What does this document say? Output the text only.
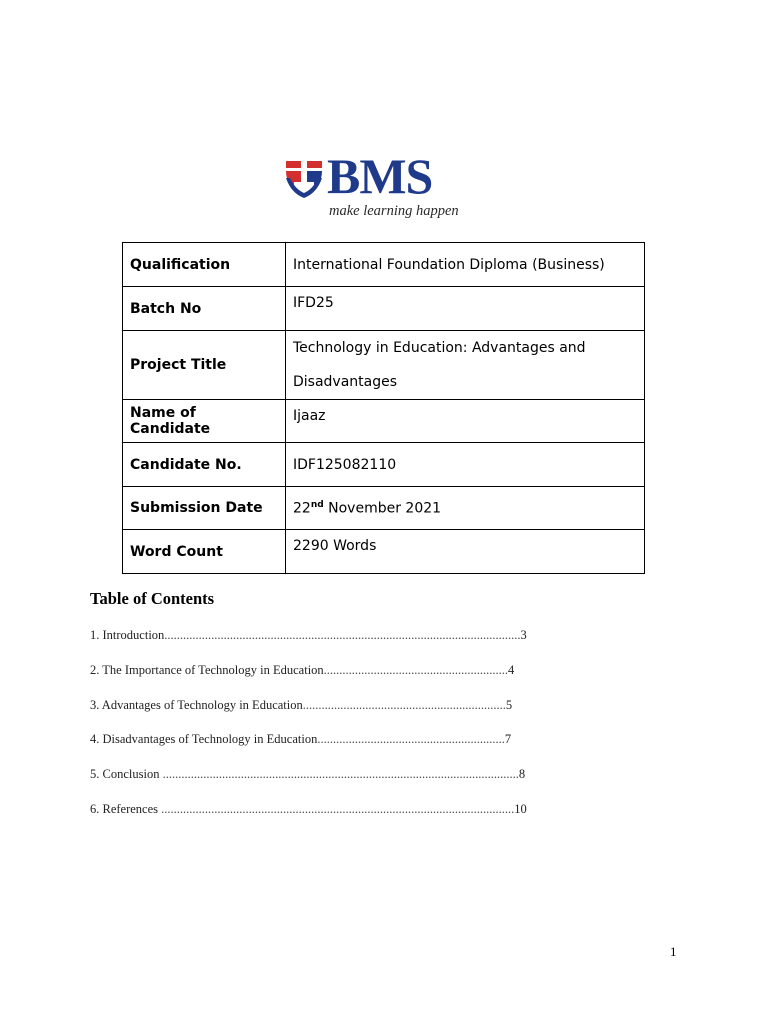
BMS
make learning happen
Qualification	International Foundation Diploma (Business)
Batch No	IFD25
Project Title	Technology in Education: Advantages and
Disadvantages

Name of Candidate	Ijaaz
Candidate No.	IDF125082110
Submission Date	22nd November 2021
Word Count	2290 Words
Table of Contents
1. Introduction..................................................................................................................3
2. The Importance of Technology in Education...........................................................4
3. Advantages of Technology in Education.................................................................5
4. Disadvantages of Technology in Education............................................................7
5. Conclusion ..................................................................................................................8
6. References .................................................................................................................10
1
